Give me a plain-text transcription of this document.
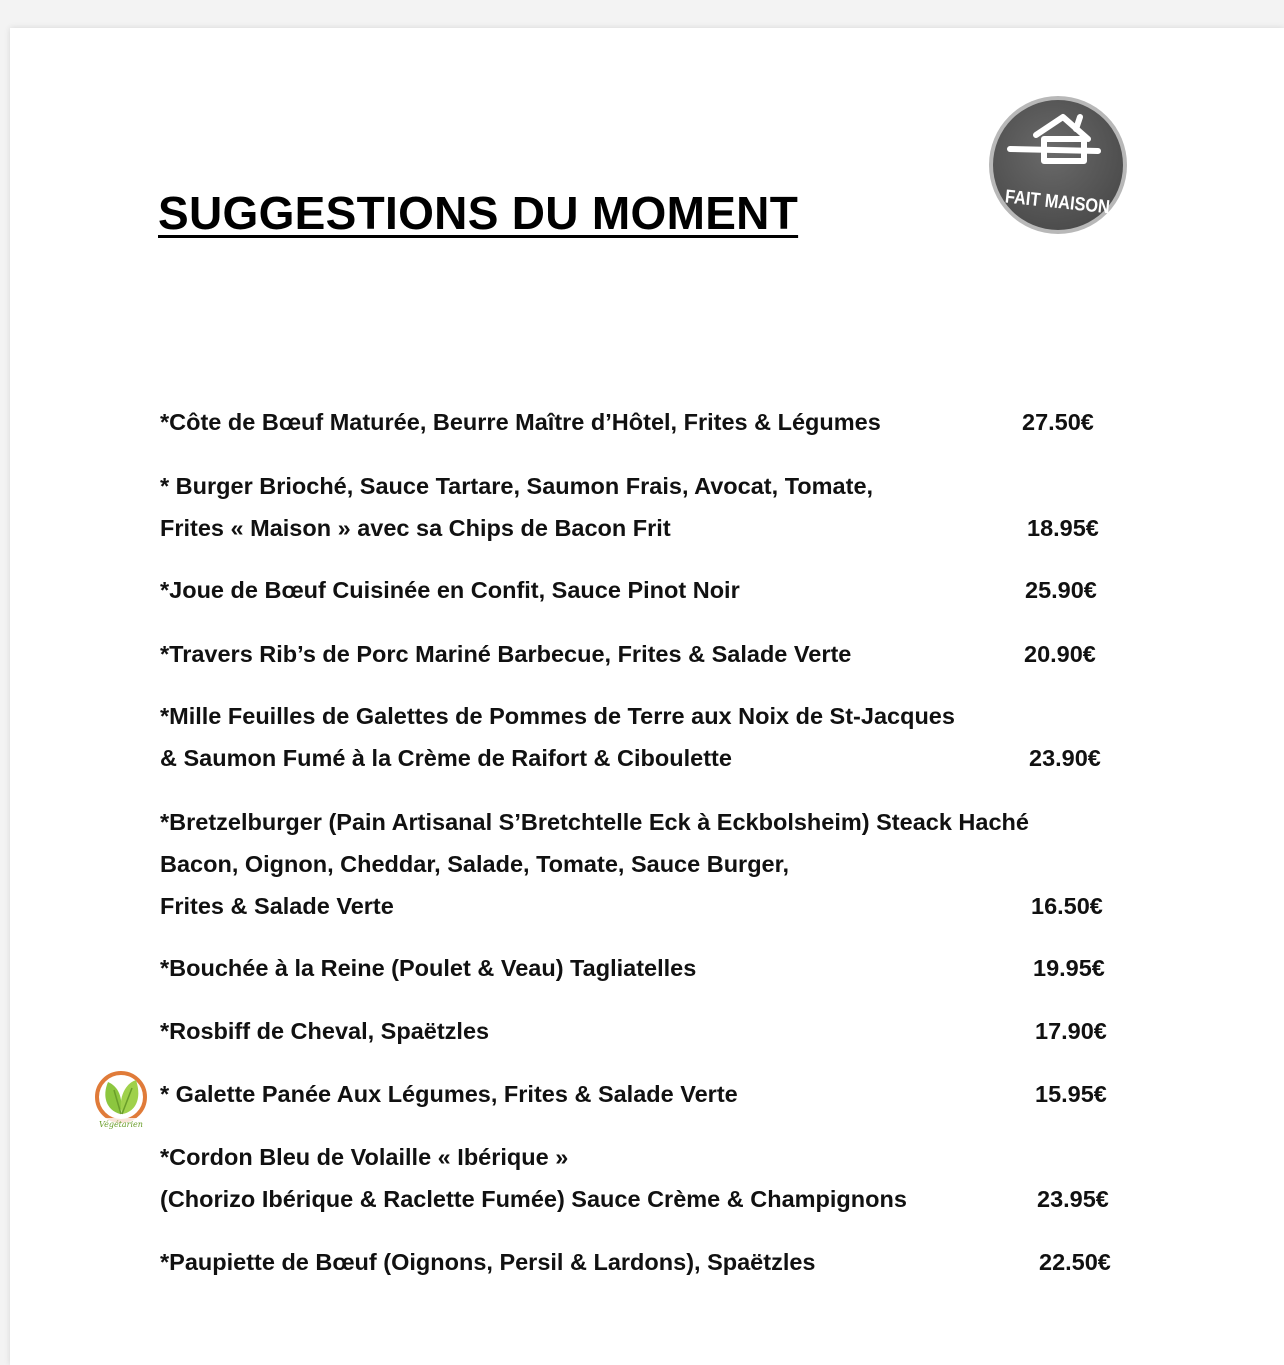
SUGGESTIONS DU MOMENT	FAIT MAISON
Végétarien
*Côte de Bœuf Maturée, Beurre Maître d’Hôtel, Frites & Légumes	27.50€
* Burger Brioché, Sauce Tartare, Saumon Frais, Avocat, Tomate,
Frites « Maison » avec sa Chips de Bacon Frit	18.95€
*Joue de Bœuf Cuisinée en Confit, Sauce Pinot Noir	25.90€
*Travers Rib’s de Porc Mariné Barbecue, Frites & Salade Verte	20.90€
*Mille Feuilles de Galettes de Pommes de Terre aux Noix de St-Jacques
& Saumon Fumé à la Crème de Raifort & Ciboulette	23.90€
*Bretzelburger (Pain Artisanal S’Bretchtelle Eck à Eckbolsheim) Steack Haché
Bacon, Oignon, Cheddar, Salade, Tomate, Sauce Burger,
Frites & Salade Verte	16.50€
*Bouchée à la Reine (Poulet & Veau) Tagliatelles	19.95€
*Rosbiff de Cheval, Spaëtzles	17.90€
* Galette Panée Aux Légumes, Frites & Salade Verte	15.95€
*Cordon Bleu de Volaille « Ibérique »
(Chorizo Ibérique & Raclette Fumée) Sauce Crème & Champignons	23.95€
*Paupiette de Bœuf (Oignons, Persil & Lardons), Spaëtzles	22.50€
